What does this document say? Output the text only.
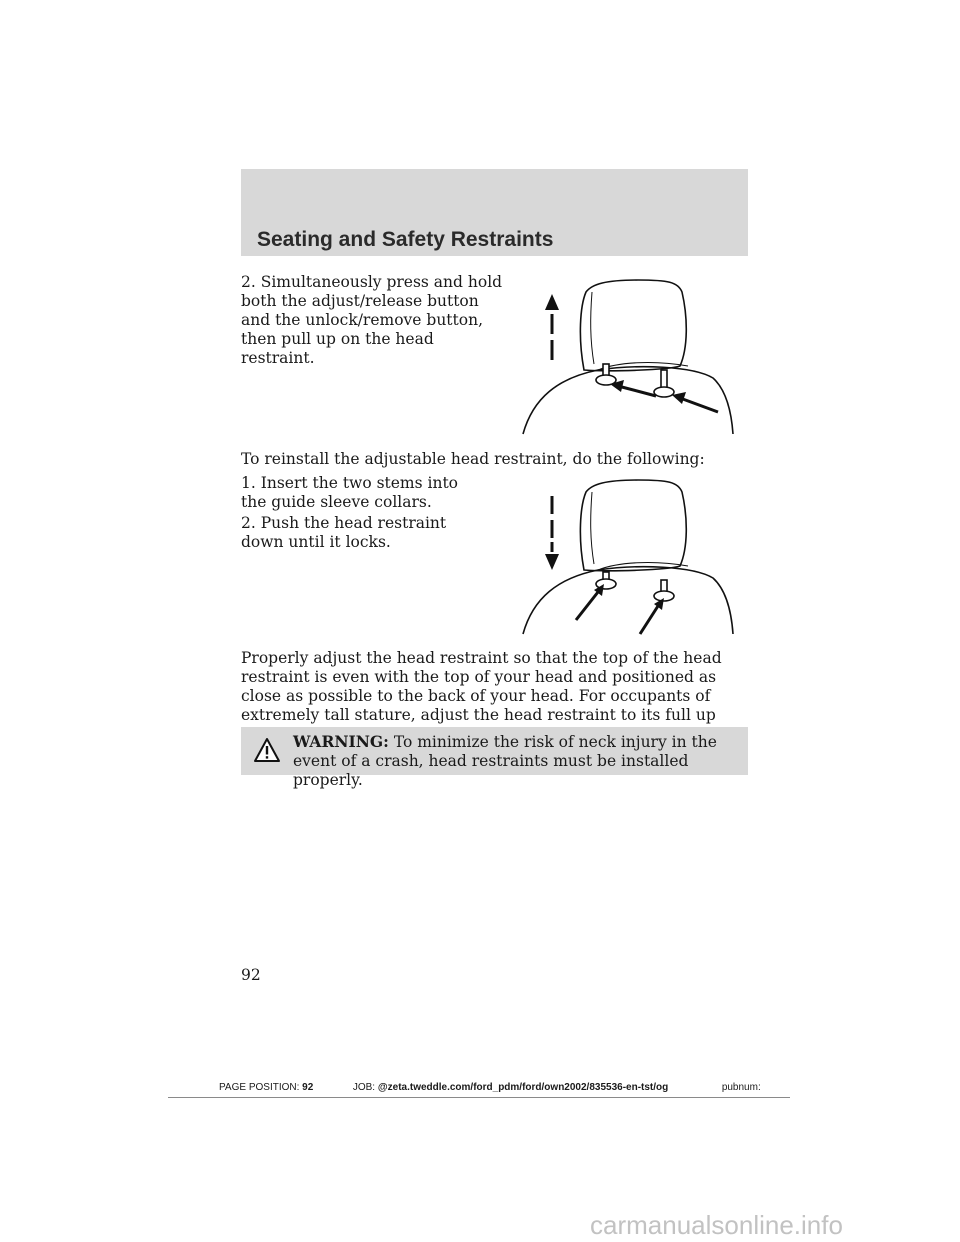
Seating and Safety Restraints

2. Simultaneously press and hold both the adjust/release button and the unlock/remove button, then pull up on the head restraint.

To reinstall the adjustable head restraint, do the following:

1. Insert the two stems into the guide sleeve collars.

2. Push the head restraint down until it locks.

Properly adjust the head restraint so that the top of the head restraint is even with the top of your head and positioned as close as possible to the back of your head. For occupants of extremely tall stature, adjust the head restraint to its full up

WARNING: To minimize the risk of neck injury in the event of a crash, head restraints must be installed properly.
92
PAGE POSITION: 92	JOB: @zeta.tweddle.com/ford_pdm/ford/own2002/835536-en-tst/og	pubnum:
carmanualsonline.info
